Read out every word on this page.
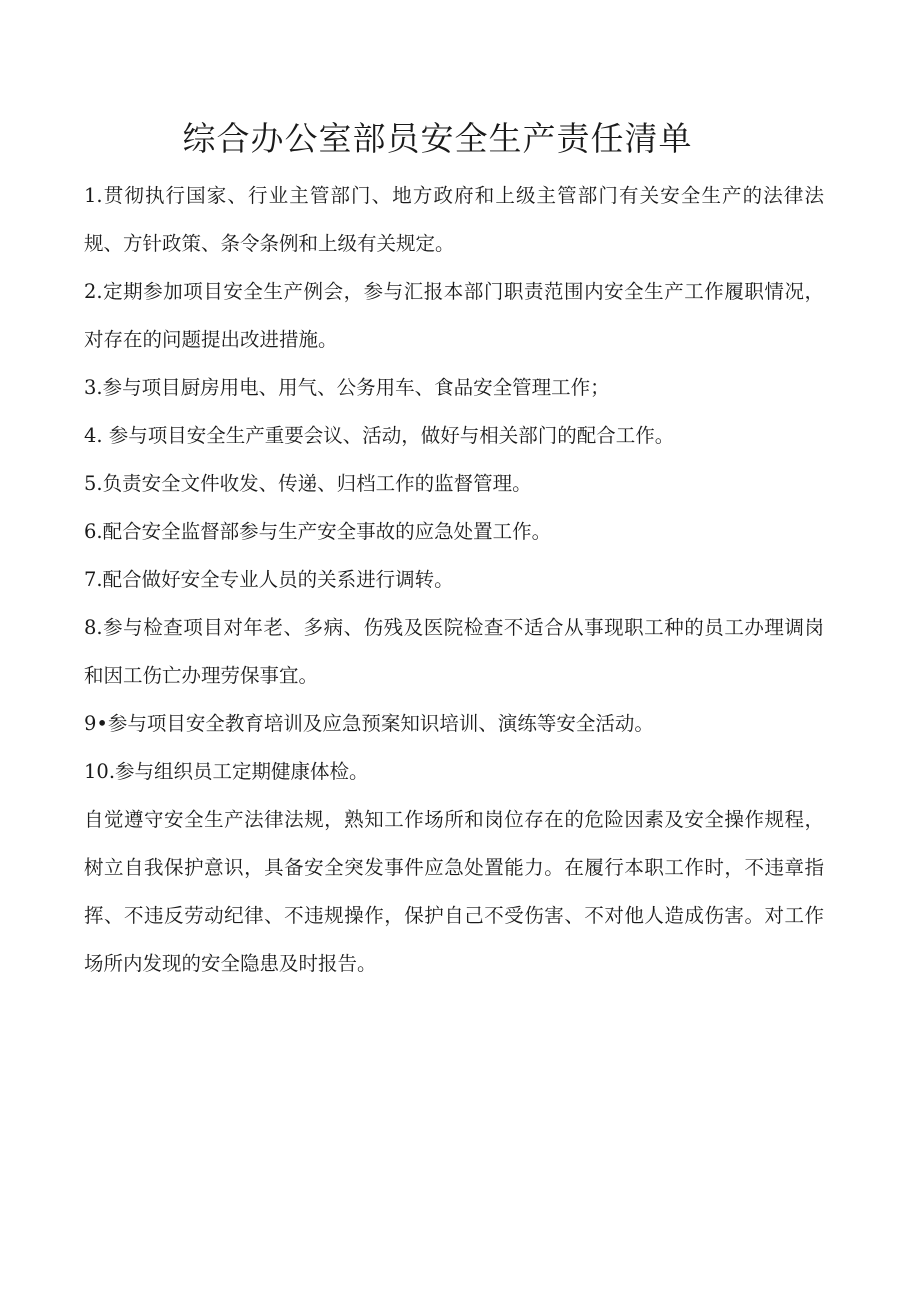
综合办公室部员安全生产责任清单

1.贯彻执行国家、行业主管部门、地方政府和上级主管部门有关安全生产的法律法规、方针政策、条令条例和上级有关规定。

2.定期参加项目安全生产例会，参与汇报本部门职责范围内安全生产工作履职情况，对存在的问题提出改进措施。

3.参与项目厨房用电、用气、公务用车、食品安全管理工作；

4. 参与项目安全生产重要会议、活动，做好与相关部门的配合工作。

5.负责安全文件收发、传递、归档工作的监督管理。

6.配合安全监督部参与生产安全事故的应急处置工作。

7.配合做好安全专业人员的关系进行调转。

8.参与检查项目对年老、多病、伤残及医院检查不适合从事现职工种的员工办理调岗和因工伤亡办理劳保事宜。

9•参与项目安全教育培训及应急预案知识培训、演练等安全活动。

10.参与组织员工定期健康体检。

自觉遵守安全生产法律法规，熟知工作场所和岗位存在的危险因素及安全操作规程，树立自我保护意识，具备安全突发事件应急处置能力。在履行本职工作时，不违章指挥、不违反劳动纪律、不违规操作，保护自己不受伤害、不对他人造成伤害。对工作场所内发现的安全隐患及时报告。
